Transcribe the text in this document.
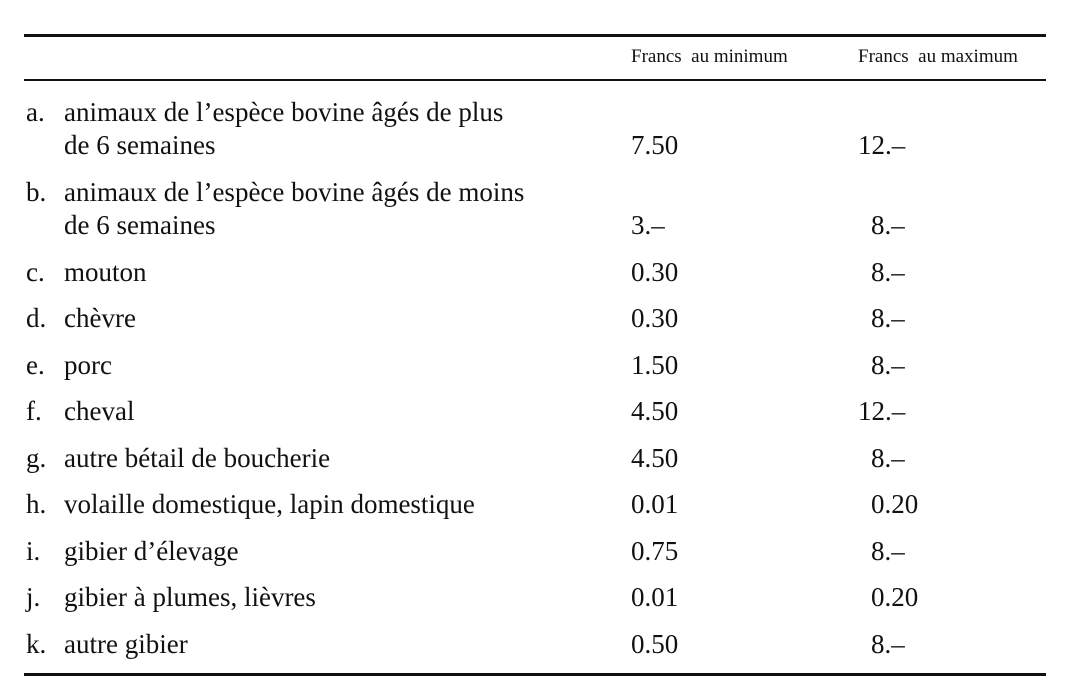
Francs  au minimum	Francs  au maximum
a. animaux de l’espèce bovine âgés de plus
de 6 semaines	7.50	12.–
b. animaux de l’espèce bovine âgés de moins
de 6 semaines	3.–	8.–
c. mouton	0.30	8.–
d. chèvre	0.30	8.–
e. porc	1.50	8.–
f. cheval	4.50	12.–
g. autre bétail de boucherie	4.50	8.–
h. volaille domestique, lapin domestique	0.01	0.20
i. gibier d’élevage	0.75	8.–
j. gibier à plumes, lièvres	0.01	0.20
k. autre gibier	0.50	8.–
